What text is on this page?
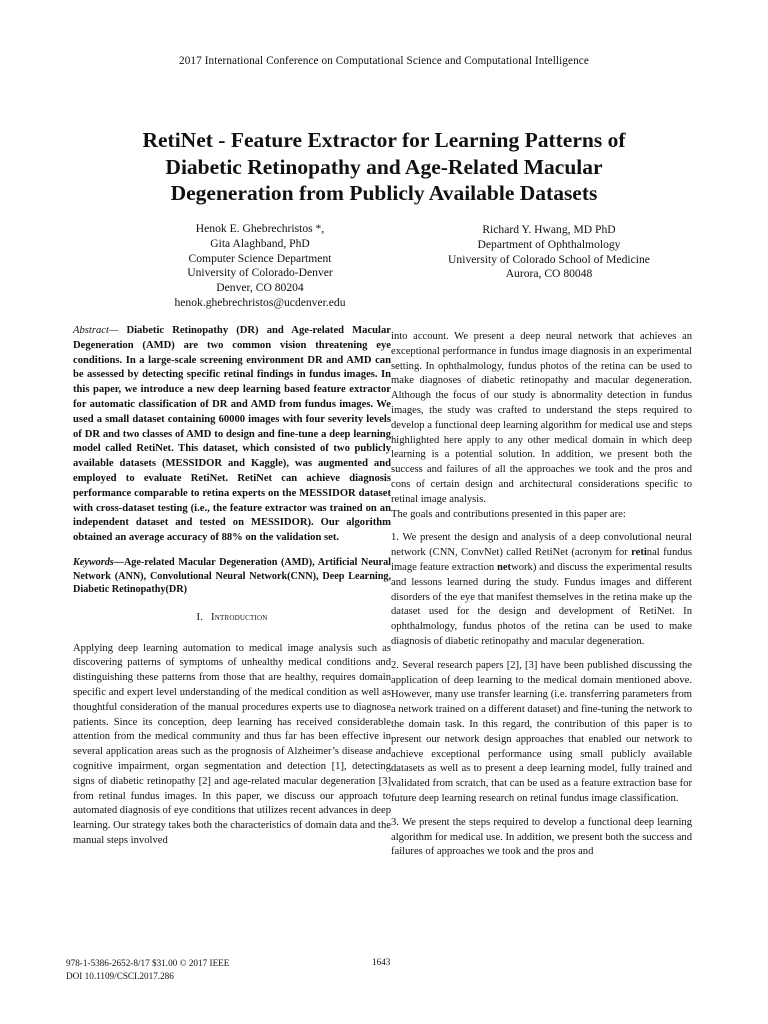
2017 International Conference on Computational Science and Computational Intelligence
RetiNet - Feature Extractor for Learning Patterns of
Diabetic Retinopathy and Age-Related Macular
Degeneration from Publicly Available Datasets
Henok E. Ghebrechristos *,
Gita Alaghband, PhD
Computer Science Department
University of Colorado-Denver
Denver, CO 80204
henok.ghebrechristos@ucdenver.edu
Richard Y. Hwang, MD PhD
Department of Ophthalmology
University of Colorado School of Medicine
Aurora, CO 80048

Abstract— Diabetic Retinopathy (DR) and Age-related Macular Degeneration (AMD) are two common vision threatening eye conditions. In a large-scale screening environment DR and AMD can be assessed by detecting specific retinal findings in fundus images. In this paper, we introduce a new deep learning based feature extractor for automatic classification of DR and AMD from fundus images. We used a small dataset containing 60000 images with four severity levels of DR and two classes of AMD to design and fine-tune a deep learning model called RetiNet. This dataset, which consisted of two publicly available datasets (MESSIDOR and Kaggle), was augmented and employed to evaluate RetiNet. RetiNet can achieve diagnosis performance comparable to retina experts on the MESSIDOR dataset with cross-dataset testing (i.e., the feature extractor was trained on an independent dataset and tested on MESSIDOR). Our algorithm obtained an average accuracy of 88% on the validation set.

Keywords—Age-related Macular Degeneration (AMD), Artificial Neural Network (ANN), Convolutional Neural Network(CNN), Deep Learning, Diabetic Retinopathy(DR)

I. Introduction

Applying deep learning automation to medical image analysis such as discovering patterns of symptoms of unhealthy medical conditions and distinguishing these patterns from those that are healthy, requires domain specific and expert level understanding of the medical condition as well as thoughtful consideration of the manual procedures experts use to diagnose patients. Since its conception, deep learning has received considerable attention from the medical community and thus far has been effective in several application areas such as the prognosis of Alzheimer’s disease and cognitive impairment, organ segmentation and detection [1], detecting signs of diabetic retinopathy [2] and age-related macular degeneration [3] from retinal fundus images. In this paper, we discuss our approach to automated diagnosis of eye conditions that utilizes recent advances in deep learning. Our strategy takes both the characteristics of domain data and the manual steps involved

into account. We present a deep neural network that achieves an exceptional performance in fundus image diagnosis in an experimental setting. In ophthalmology, fundus photos of the retina can be used to make diagnoses of diabetic retinopathy and macular degeneration. Although the focus of our study is abnormality detection in fundus images, the study was crafted to understand the steps required to develop a functional deep learning algorithm for medical use and steps highlighted here apply to any other medical domain in which deep learning is a potential solution. In addition, we present both the success and failures of all the approaches we took and the pros and cons of certain design and architectural considerations specific to retinal image analysis.

The goals and contributions presented in this paper are:

1. We present the design and analysis of a deep convolutional neural network (CNN, ConvNet) called RetiNet (acronym for retinal fundus image feature extraction network) and discuss the experimental results and lessons learned during the study. Fundus images and different disorders of the eye that manifest themselves in the retina make up the dataset used for the design and development of RetiNet. In ophthalmology, fundus photos of the retina can be used to make diagnosis of diabetic retinopathy and macular degeneration.

2. Several research papers [2], [3] have been published discussing the application of deep learning to the medical domain mentioned above. However, many use transfer learning (i.e. transferring parameters from a network trained on a different dataset) and fine-tuning the network to the domain task. In this regard, the contribution of this paper is to present our network design approaches that enabled our network to achieve exceptional performance using small publicly available datasets as well as to present a deep learning model, fully trained and validated from scratch, that can be used as a feature extraction base for future deep learning research on retinal fundus image classification.

3. We present the steps required to develop a functional deep learning algorithm for medical use. In addition, we present both the success and failures of approaches we took and the pros and

978-1-5386-2652-8/17 $31.00 © 2017 IEEE
DOI 10.1109/CSCI.2017.286
1643
